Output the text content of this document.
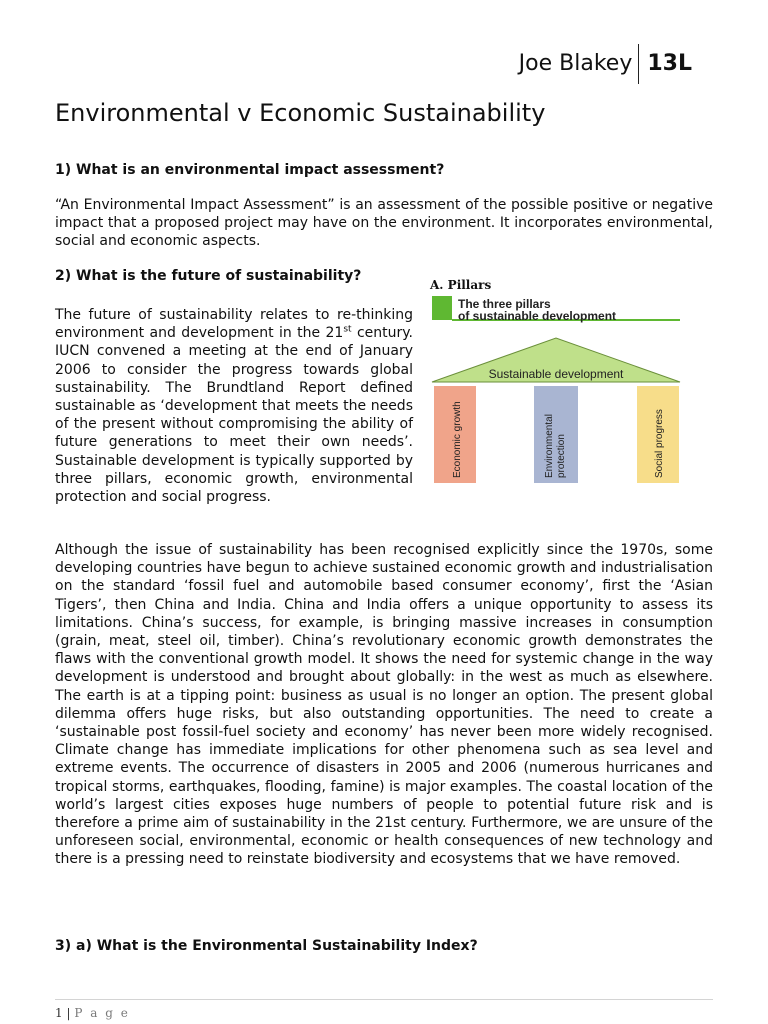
Joe Blakey 13L
Environmental v Economic Sustainability

1) What is an environmental impact assessment?

“An Environmental Impact Assessment” is an assessment of the possible positive or negative impact that a proposed project may have on the environment. It incorporates environmental, social and economic aspects.

2) What is the future of sustainability?

The future of sustainability relates to re-thinking environment and development in the 21st century. IUCN convened a meeting at the end of January 2006 to consider the progress towards global sustainability. The Brundtland Report defined sustainable as ‘development that meets the needs of the present without compromising the ability of future generations to meet their own needs’. Sustainable development is typically supported by three pillars, economic growth, environmental protection and social progress.

A. Pillars
The three pillars
of sustainable development
Sustainable development
Economic growth	Environmental protection	Social progress

Although the issue of sustainability has been recognised explicitly since the 1970s, some developing countries have begun to achieve sustained economic growth and industrialisation on the standard ‘fossil fuel and automobile based consumer economy’, first the ‘Asian Tigers’, then China and India. China and India offers a unique opportunity to assess its limitations. China’s success, for example, is bringing massive increases in consumption (grain, meat, steel oil, timber). China’s revolutionary economic growth demonstrates the flaws with the conventional growth model. It shows the need for systemic change in the way development is understood and brought about globally: in the west as much as elsewhere. The earth is at a tipping point: business as usual is no longer an option. The present global dilemma offers huge risks, but also outstanding opportunities. The need to create a ‘sustainable post fossil-fuel society and economy’ has never been more widely recognised. Climate change has immediate implications for other phenomena such as sea level and extreme events. The occurrence of disasters in 2005 and 2006 (numerous hurricanes and tropical storms, earthquakes, flooding, famine) is major examples. The coastal location of the world’s largest cities exposes huge numbers of people to potential future risk and is therefore a prime aim of sustainability in the 21st century. Furthermore, we are unsure of the unforeseen social, environmental, economic or health consequences of new technology and there is a pressing need to reinstate biodiversity and ecosystems that we have removed.

3) a) What is the Environmental Sustainability Index?

1 | P a g e
